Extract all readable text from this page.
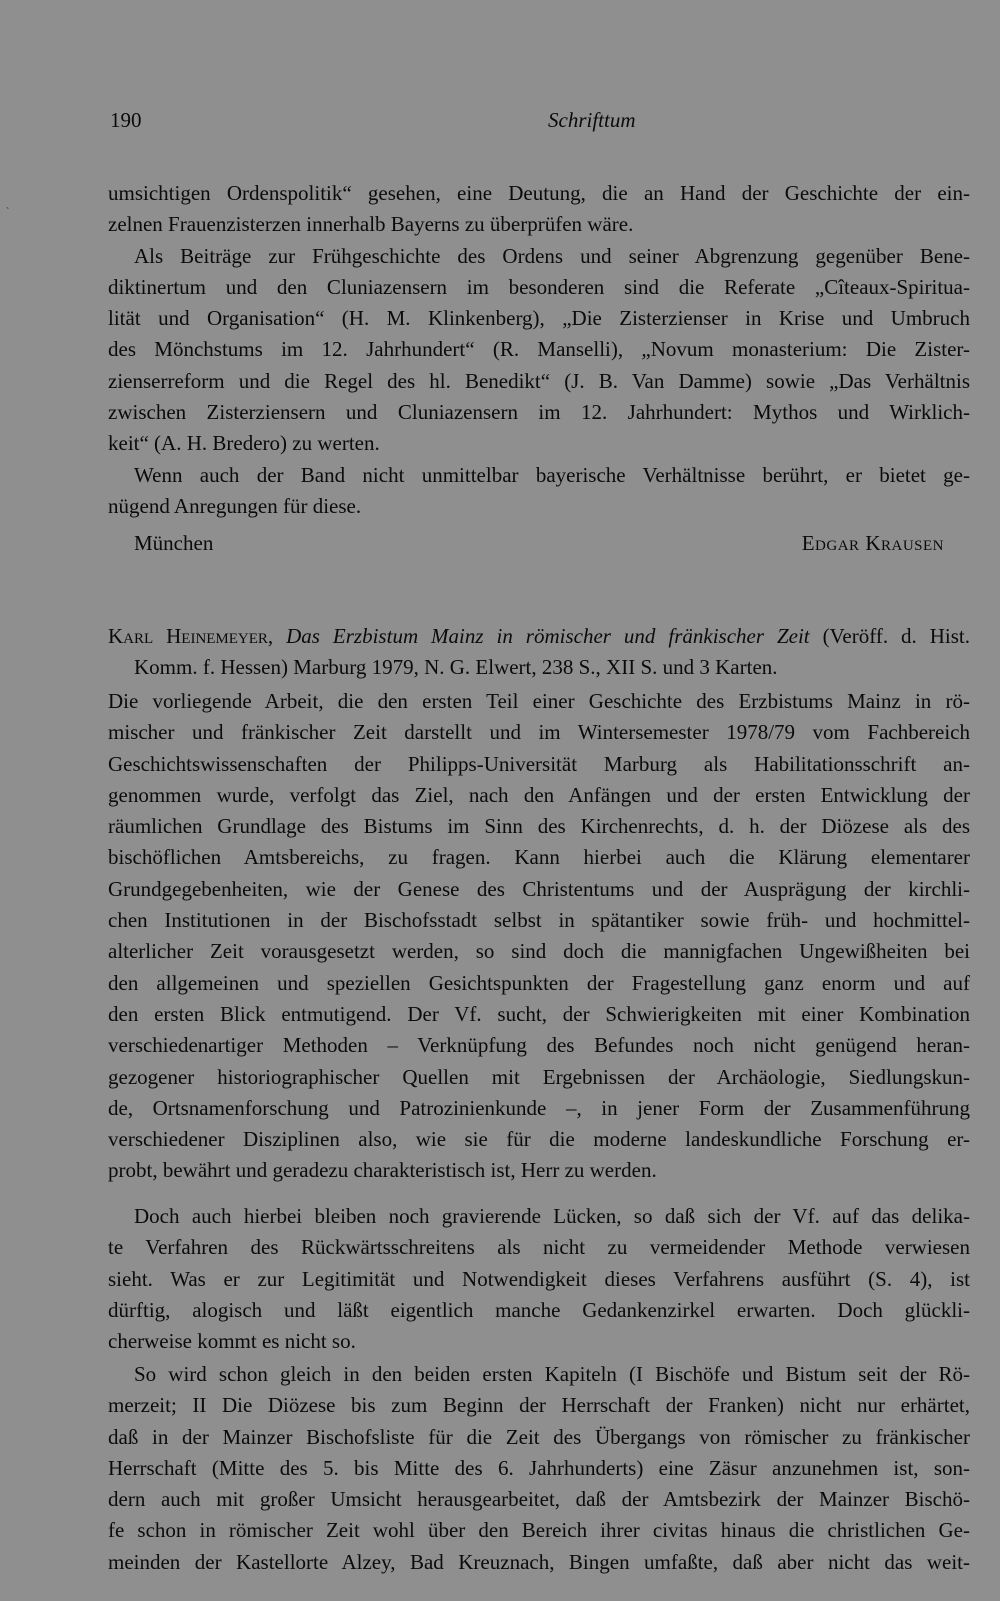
`
190	Schrifttum
umsichtigen Ordenspolitik“ gesehen, eine Deutung, die an Hand der Geschichte der ein-
zelnen Frauenzisterzen innerhalb Bayerns zu überprüfen wäre.
Als Beiträge zur Frühgeschichte des Ordens und seiner Abgrenzung gegenüber Bene-
diktinertum und den Cluniazensern im besonderen sind die Referate „Cîteaux-Spiritua-
lität und Organisation“ (H. M. Klinkenberg), „Die Zisterzienser in Krise und Umbruch
des Mönchstums im 12. Jahrhundert“ (R. Manselli), „Novum monasterium: Die Zister-
zienserreform und die Regel des hl. Benedikt“ (J. B. Van Damme) sowie „Das Verhältnis
zwischen Zisterziensern und Cluniazensern im 12. Jahrhundert: Mythos und Wirklich-
keit“ (A. H. Bredero) zu werten.
Wenn auch der Band nicht unmittelbar bayerische Verhältnisse berührt, er bietet ge-
nügend Anregungen für diese.
München	Edgar Krausen
Karl Heinemeyer, Das Erzbistum Mainz in römischer und fränkischer Zeit (Veröff. d. Hist.
Komm. f. Hessen) Marburg 1979, N. G. Elwert, 238 S., XII S. und 3 Karten.
Die vorliegende Arbeit, die den ersten Teil einer Geschichte des Erzbistums Mainz in rö-
mischer und fränkischer Zeit darstellt und im Wintersemester 1978/79 vom Fachbereich
Geschichtswissenschaften der Philipps-Universität Marburg als Habilitationsschrift an-
genommen wurde, verfolgt das Ziel, nach den Anfängen und der ersten Entwicklung der
räumlichen Grundlage des Bistums im Sinn des Kirchenrechts, d. h. der Diözese als des
bischöflichen Amtsbereichs, zu fragen. Kann hierbei auch die Klärung elementarer
Grundgegebenheiten, wie der Genese des Christentums und der Ausprägung der kirchli-
chen Institutionen in der Bischofsstadt selbst in spätantiker sowie früh- und hochmittel-
alterlicher Zeit vorausgesetzt werden, so sind doch die mannigfachen Ungewißheiten bei
den allgemeinen und speziellen Gesichtspunkten der Fragestellung ganz enorm und auf
den ersten Blick entmutigend. Der Vf. sucht, der Schwierigkeiten mit einer Kombination
verschiedenartiger Methoden – Verknüpfung des Befundes noch nicht genügend heran-
gezogener historiographischer Quellen mit Ergebnissen der Archäologie, Siedlungskun-
de, Ortsnamenforschung und Patrozinienkunde –, in jener Form der Zusammenführung
verschiedener Disziplinen also, wie sie für die moderne landeskundliche Forschung er-
probt, bewährt und geradezu charakteristisch ist, Herr zu werden.
Doch auch hierbei bleiben noch gravierende Lücken, so daß sich der Vf. auf das delika-
te Verfahren des Rückwärtsschreitens als nicht zu vermeidender Methode verwiesen
sieht. Was er zur Legitimität und Notwendigkeit dieses Verfahrens ausführt (S. 4), ist
dürftig, alogisch und läßt eigentlich manche Gedankenzirkel erwarten. Doch glückli-
cherweise kommt es nicht so.
So wird schon gleich in den beiden ersten Kapiteln (I Bischöfe und Bistum seit der Rö-
merzeit; II Die Diözese bis zum Beginn der Herrschaft der Franken) nicht nur erhärtet,
daß in der Mainzer Bischofsliste für die Zeit des Übergangs von römischer zu fränkischer
Herrschaft (Mitte des 5. bis Mitte des 6. Jahrhunderts) eine Zäsur anzunehmen ist, son-
dern auch mit großer Umsicht herausgearbeitet, daß der Amtsbezirk der Mainzer Bischö-
fe schon in römischer Zeit wohl über den Bereich ihrer civitas hinaus die christlichen Ge-
meinden der Kastellorte Alzey, Bad Kreuznach, Bingen umfaßte, daß aber nicht das weit-
